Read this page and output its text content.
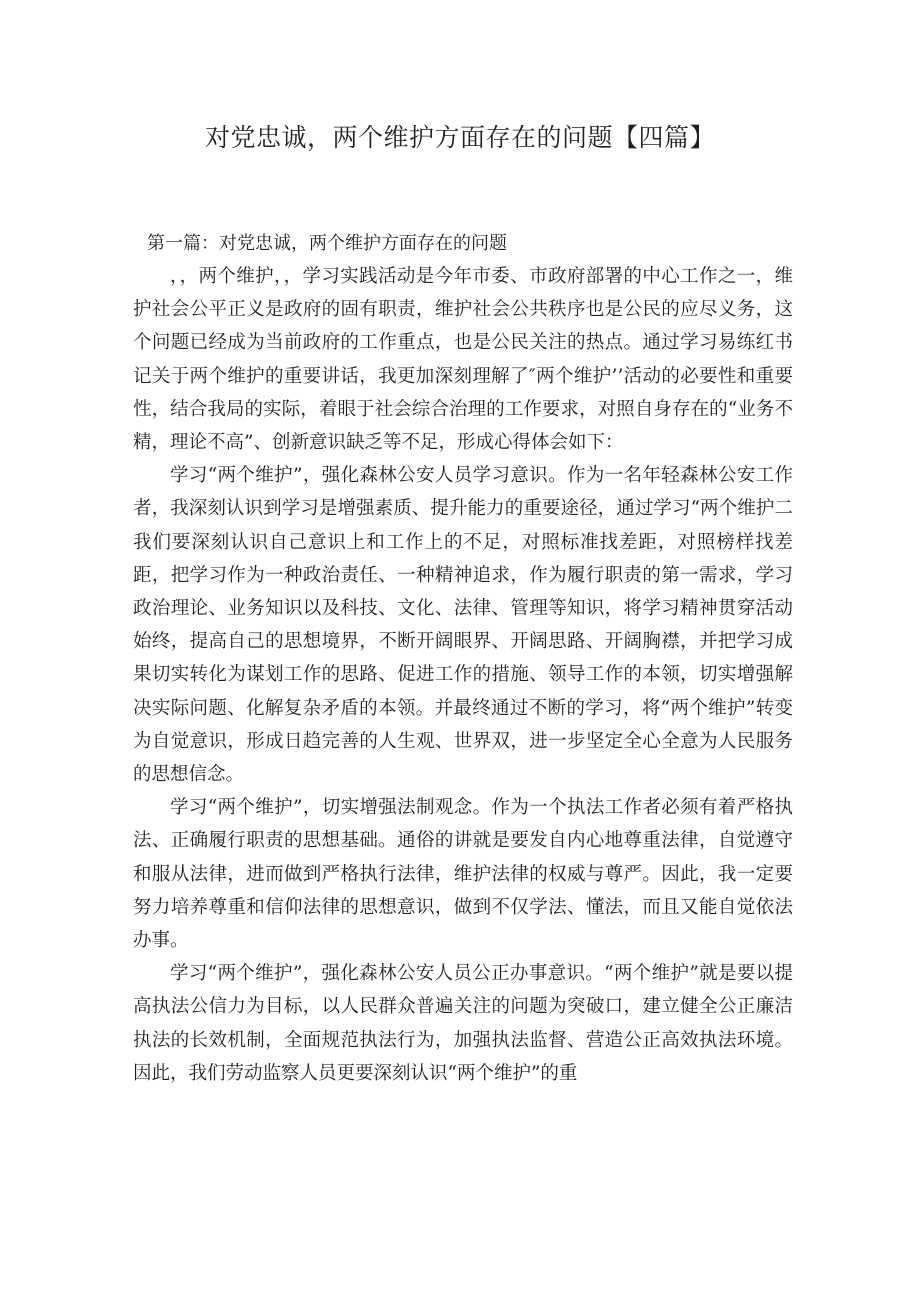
对党忠诚，两个维护方面存在的问题【四篇】

第一篇：对党忠诚，两个维护方面存在的问题

，，两个维护，，学习实践活动是今年市委、市政府部署的中心工作之一，维护社会公平正义是政府的固有职责，维护社会公共秩序也是公民的应尽义务，这个问题已经成为当前政府的工作重点，也是公民关注的热点。通过学习易练红书记关于两个维护的重要讲话，我更加深刻理解了″两个维护’’活动的必要性和重要性，结合我局的实际，着眼于社会综合治理的工作要求，对照自身存在的“业务不精，理论不高”、创新意识缺乏等不足，形成心得体会如下：

学习“两个维护”，强化森林公安人员学习意识。作为一名年轻森林公安工作者，我深刻认识到学习是增强素质、提升能力的重要途径，通过学习“两个维护二我们要深刻认识自己意识上和工作上的不足，对照标准找差距，对照榜样找差距，把学习作为一种政治责任、一种精神追求，作为履行职责的第一需求，学习政治理论、业务知识以及科技、文化、法律、管理等知识，将学习精神贯穿活动始终，提高自己的思想境界，不断开阔眼界、开阔思路、开阔胸襟，并把学习成果切实转化为谋划工作的思路、促进工作的措施、领导工作的本领，切实增强解决实际问题、化解复杂矛盾的本领。并最终通过不断的学习，将“两个维护”转变为自觉意识，形成日趋完善的人生观、世界双，进一步坚定全心全意为人民服务的思想信念。

学习“两个维护”，切实增强法制观念。作为一个执法工作者必须有着严格执法、正确履行职责的思想基础。通俗的讲就是要发自内心地尊重法律，自觉遵守和服从法律，进而做到严格执行法律，维护法律的权威与尊严。因此，我一定要努力培养尊重和信仰法律的思想意识，做到不仅学法、懂法，而且又能自觉依法办事。

学习“两个维护”，强化森林公安人员公正办事意识。“两个维护”就是要以提高执法公信力为目标，以人民群众普遍关注的问题为突破口，建立健全公正廉洁执法的长效机制，全面规范执法行为，加强执法监督、营造公正高效执法环境。因此，我们劳动监察人员更要深刻认识“两个维护”的重
